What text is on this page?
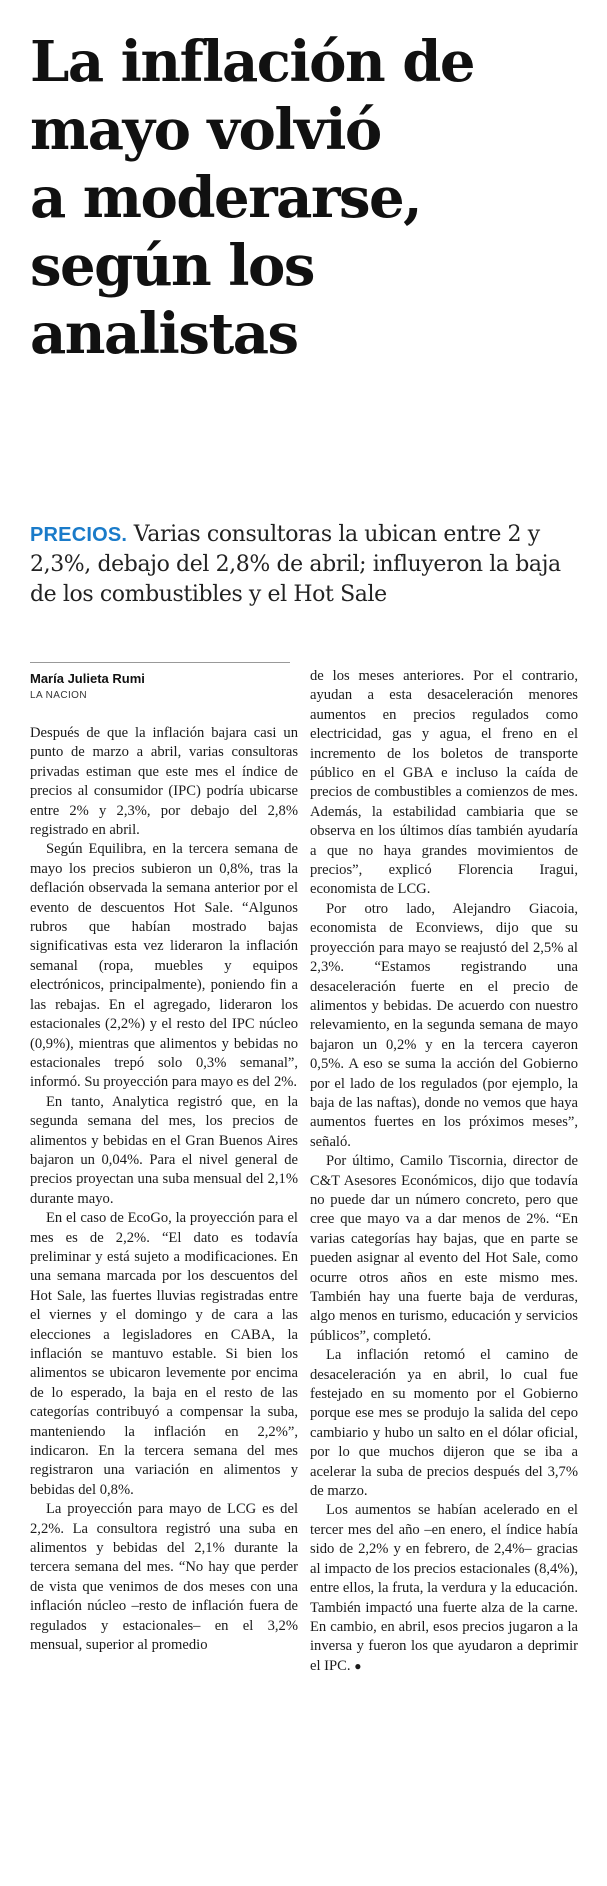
La inflación de
mayo volvió
a moderarse,
según los
analistas

PRECIOS. Varias consultoras la ubican entre 2 y 2,3%, debajo del 2,8% de abril; influyeron la baja de los combustibles y el Hot Sale

María Julieta Rumi
LA NACION

Después de que la inflación bajara casi un punto de marzo a abril, varias consultoras privadas estiman que este mes el índice de precios al consumidor (IPC) podría ubicarse entre 2% y 2,3%, por debajo del 2,8% registrado en abril.

Según Equilibra, en la tercera semana de mayo los precios subieron un 0,8%, tras la deflación observada la semana anterior por el evento de descuentos Hot Sale. “Algunos rubros que habían mostrado bajas significativas esta vez lideraron la inflación semanal (ropa, muebles y equipos electrónicos, principalmente), poniendo fin a las rebajas. En el agregado, lideraron los estacionales (2,2%) y el resto del IPC núcleo (0,9%), mientras que alimentos y bebidas no estacionales trepó solo 0,3% semanal”, informó. Su proyección para mayo es del 2%.

En tanto, Analytica registró que, en la segunda semana del mes, los precios de alimentos y bebidas en el Gran Buenos Aires bajaron un 0,04%. Para el nivel general de precios proyectan una suba mensual del 2,1% durante mayo.

En el caso de EcoGo, la proyección para el mes es de 2,2%. “El dato es todavía preliminar y está sujeto a modificaciones. En una semana marcada por los descuentos del Hot Sale, las fuertes lluvias registradas entre el viernes y el domingo y de cara a las elecciones a legisladores en CABA, la inflación se mantuvo estable. Si bien los alimentos se ubicaron levemente por encima de lo esperado, la baja en el resto de las categorías contribuyó a compensar la suba, manteniendo la inflación en 2,2%”, indicaron. En la tercera semana del mes registraron una variación en alimentos y bebidas del 0,8%.

La proyección para mayo de LCG es del 2,2%. La consultora registró una suba en alimentos y bebidas del 2,1% durante la tercera semana del mes. “No hay que perder de vista que venimos de dos meses con una inflación núcleo –resto de inflación fuera de regulados y estacionales– en el 3,2% mensual, superior al promedio

de los meses anteriores. Por el contrario, ayudan a esta desaceleración menores aumentos en precios regulados como electricidad, gas y agua, el freno en el incremento de los boletos de transporte público en el GBA e incluso la caída de precios de combustibles a comienzos de mes. Además, la estabilidad cambiaria que se observa en los últimos días también ayudaría a que no haya grandes movimientos de precios”, explicó Florencia Iragui, economista de LCG.

Por otro lado, Alejandro Giacoia, economista de Econviews, dijo que su proyección para mayo se reajustó del 2,5% al 2,3%. “Estamos registrando una desaceleración fuerte en el precio de alimentos y bebidas. De acuerdo con nuestro relevamiento, en la segunda semana de mayo bajaron un 0,2% y en la tercera cayeron 0,5%. A eso se suma la acción del Gobierno por el lado de los regulados (por ejemplo, la baja de las naftas), donde no vemos que haya aumentos fuertes en los próximos meses”, señaló.

Por último, Camilo Tiscornia, director de C&T Asesores Económicos, dijo que todavía no puede dar un número concreto, pero que cree que mayo va a dar menos de 2%. “En varias categorías hay bajas, que en parte se pueden asignar al evento del Hot Sale, como ocurre otros años en este mismo mes. También hay una fuerte baja de verduras, algo menos en turismo, educación y servicios públicos”, completó.

La inflación retomó el camino de desaceleración ya en abril, lo cual fue festejado en su momento por el Gobierno porque ese mes se produjo la salida del cepo cambiario y hubo un salto en el dólar oficial, por lo que muchos dijeron que se iba a acelerar la suba de precios después del 3,7% de marzo.

Los aumentos se habían acelerado en el tercer mes del año –en enero, el índice había sido de 2,2% y en febrero, de 2,4%– gracias al impacto de los precios estacionales (8,4%), entre ellos, la fruta, la verdura y la educación. También impactó una fuerte alza de la carne. En cambio, en abril, esos precios jugaron a la inversa y fueron los que ayudaron a deprimir el IPC. ●
